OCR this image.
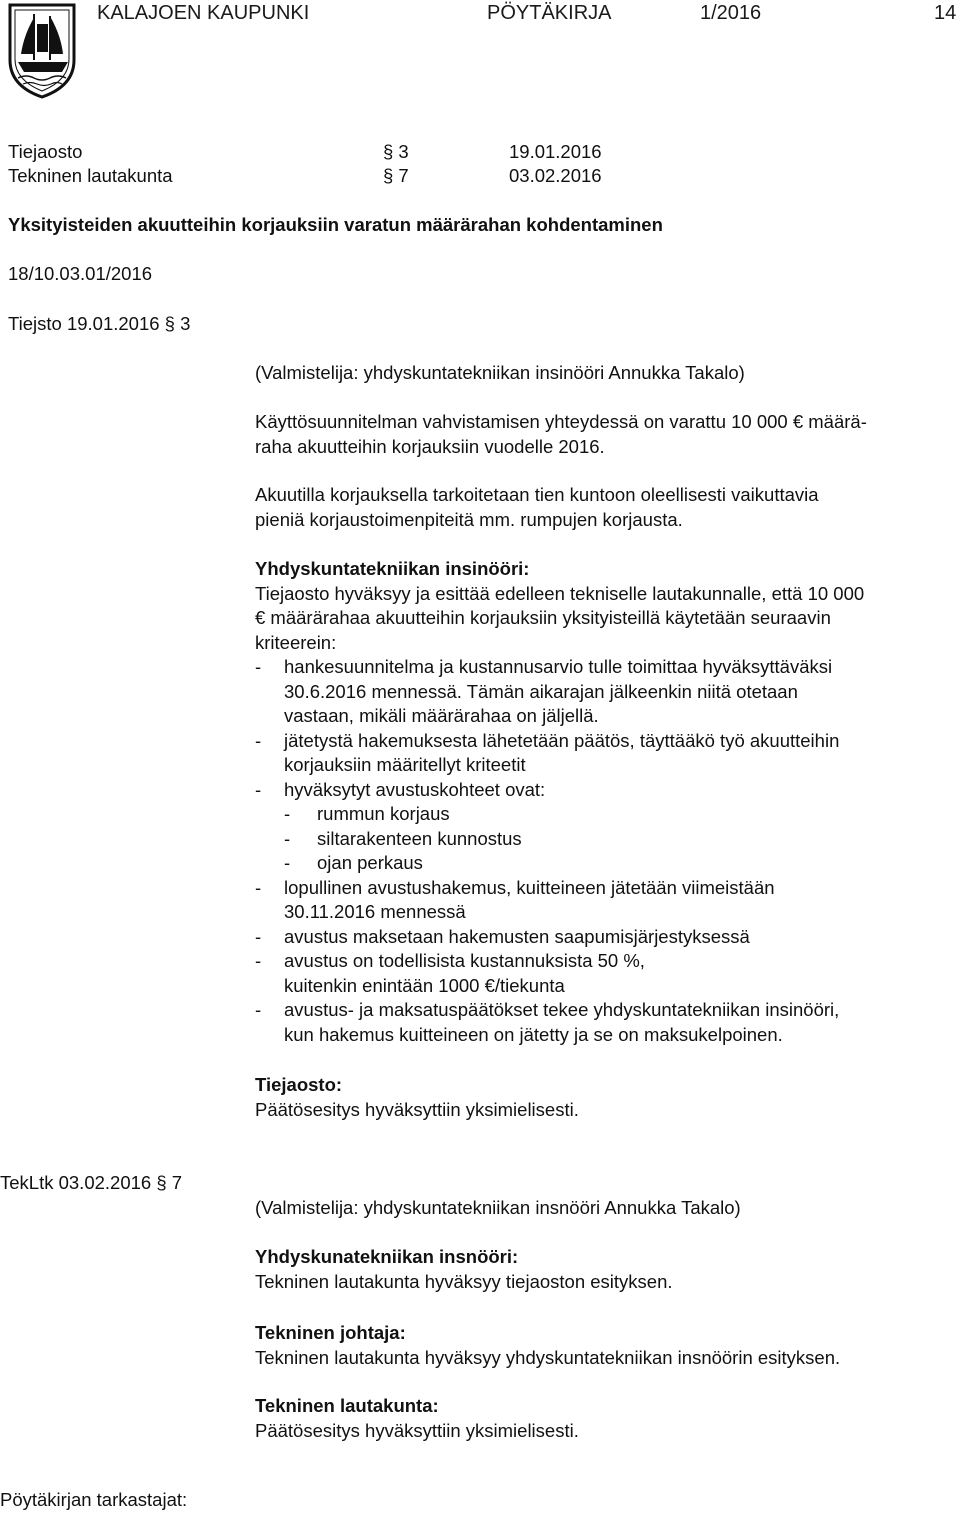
KALAJOEN KAUPUNKI	PÖYTÄKIRJA	1/2016	14
Tiejaosto	§ 3	19.01.2016
Tekninen lautakunta	§ 7	03.02.2016
Yksityisteiden akuutteihin korjauksiin varatun määrärahan kohdentaminen
18/10.03.01/2016
Tiejsto 19.01.2016 § 3
(Valmistelija: yhdyskuntatekniikan insinööri Annukka Takalo)
Käyttösuunnitelman vahvistamisen yhteydessä on varattu 10 000 € määrä-
raha akuutteihin korjauksiin vuodelle 2016.
Akuutilla korjauksella tarkoitetaan tien kuntoon oleellisesti vaikuttavia
pieniä korjaustoimenpiteitä mm. rumpujen korjausta.
Yhdyskuntatekniikan insinööri:
Tiejaosto hyväksyy ja esittää edelleen tekniselle lautakunnalle, että 10 000
€ määrärahaa akuutteihin korjauksiin yksityisteillä käytetään seuraavin
kriteerein:
- hankesuunnitelma ja kustannusarvio tulle toimittaa hyväksyttäväksi
30.6.2016 mennessä. Tämän aikarajan jälkeenkin niitä otetaan
vastaan, mikäli määrärahaa on jäljellä.
- jätetystä hakemuksesta lähetetään päätös, täyttääkö työ akuutteihin
korjauksiin määritellyt kriteetit
- hyväksytyt avustuskohteet ovat:
- rummun korjaus
- siltarakenteen kunnostus
- ojan perkaus
- lopullinen avustushakemus, kuitteineen jätetään viimeistään
30.11.2016 mennessä
- avustus maksetaan hakemusten saapumisjärjestyksessä
- avustus on todellisista kustannuksista 50 %,
kuitenkin enintään 1000 €/tiekunta
- avustus- ja maksatuspäätökset tekee yhdyskuntatekniikan insinööri,
kun hakemus kuitteineen on jätetty ja se on maksukelpoinen.
Tiejaosto:
Päätösesitys hyväksyttiin yksimielisesti.
TekLtk 03.02.2016 § 7
(Valmistelija: yhdyskuntatekniikan insnööri Annukka Takalo)
Yhdyskunatekniikan insnööri:
Tekninen lautakunta hyväksyy tiejaoston esityksen.
Tekninen johtaja:
Tekninen lautakunta hyväksyy yhdyskuntatekniikan insnöörin esityksen.
Tekninen lautakunta:
Päätösesitys hyväksyttiin yksimielisesti.
Pöytäkirjan tarkastajat:
